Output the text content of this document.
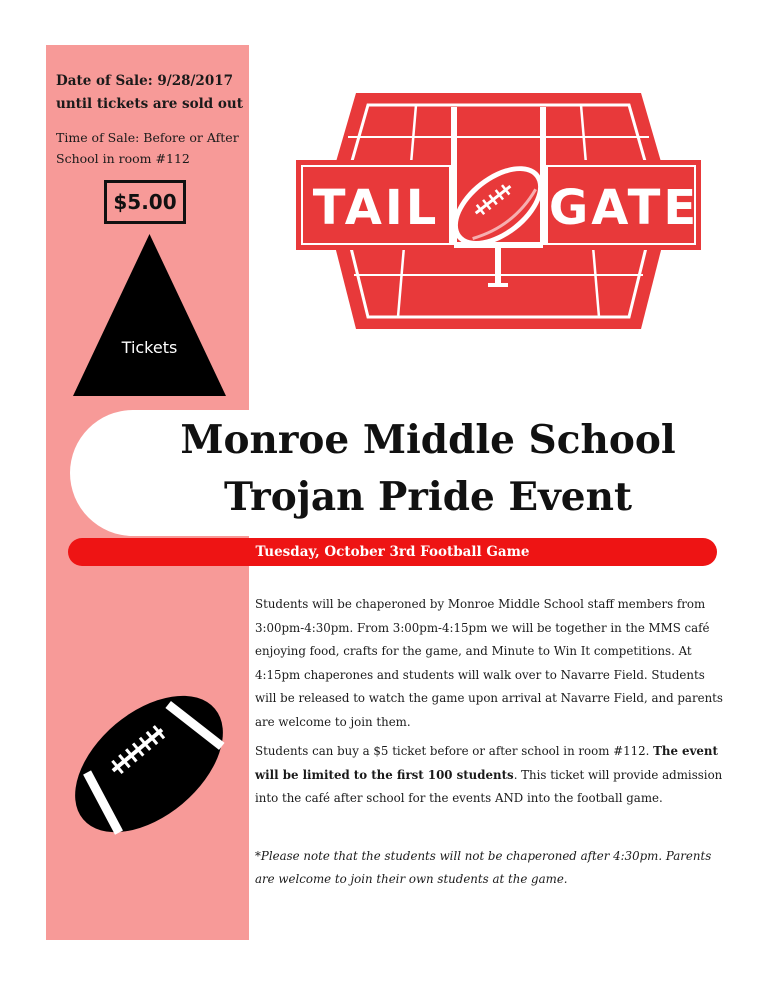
Date of Sale: 9/28/2017
until tickets are sold out
Time of Sale: Before or After School in room #112
$5.00
Tickets
TAIL GATE
Monroe Middle School
Trojan Pride Event
Tuesday, October 3rd Football Game

Students will be chaperoned by Monroe Middle School staff members from 3:00pm-4:30pm. From 3:00pm-4:15pm we will be together in the MMS café enjoying food, crafts for the game, and Minute to Win It competitions. At 4:15pm chaperones and students will walk over to Navarre Field. Students will be released to watch the game upon arrival at Navarre Field, and parents are welcome to join them.

Students can buy a $5 ticket before or after school in room #112. The event will be limited to the first 100 students. This ticket will provide admission into the café after school for the events AND into the football game.

*Please note that the students will not be chaperoned after 4:30pm. Parents are welcome to join their own students at the game.
